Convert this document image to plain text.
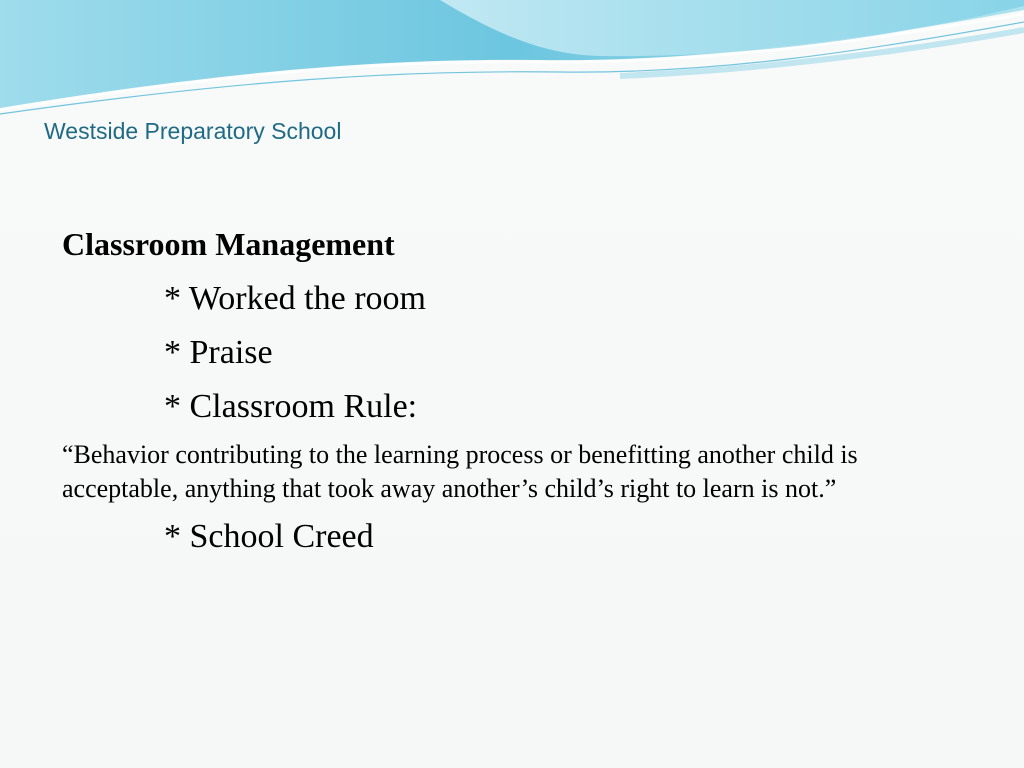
Westside Preparatory School

Classroom Management

* Worked the room

* Praise

* Classroom Rule:

“Behavior contributing to the learning process or benefitting another child is acceptable, anything that took away another’s child’s right to learn is not.”

* School Creed
